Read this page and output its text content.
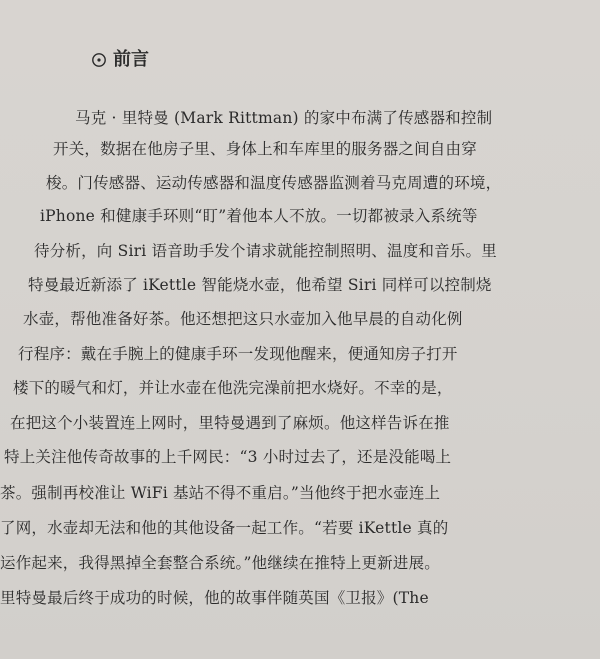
前言
马克 · 里特曼 (Mark Rittman) 的家中布满了传感器和控制
开关，数据在他房子里、身体上和车库里的服务器之间自由穿
梭。门传感器、运动传感器和温度传感器监测着马克周遭的环境，
iPhone 和健康手环则“盯”着他本人不放。一切都被录入系统等
待分析，向 Siri 语音助手发个请求就能控制照明、温度和音乐。里
特曼最近新添了 iKettle 智能烧水壶，他希望 Siri 同样可以控制烧
水壶，帮他准备好茶。他还想把这只水壶加入他早晨的自动化例
行程序：戴在手腕上的健康手环一发现他醒来，便通知房子打开
楼下的暖气和灯，并让水壶在他洗完澡前把水烧好。不幸的是，
在把这个小装置连上网时，里特曼遇到了麻烦。他这样告诉在推
特上关注他传奇故事的上千网民：“3 小时过去了，还是没能喝上
茶。强制再校准让 WiFi 基站不得不重启。”当他终于把水壶连上
了网，水壶却无法和他的其他设备一起工作。“若要 iKettle 真的
运作起来，我得黑掉全套整合系统。”他继续在推特上更新进展。
里特曼最后终于成功的时候，他的故事伴随英国《卫报》(The
